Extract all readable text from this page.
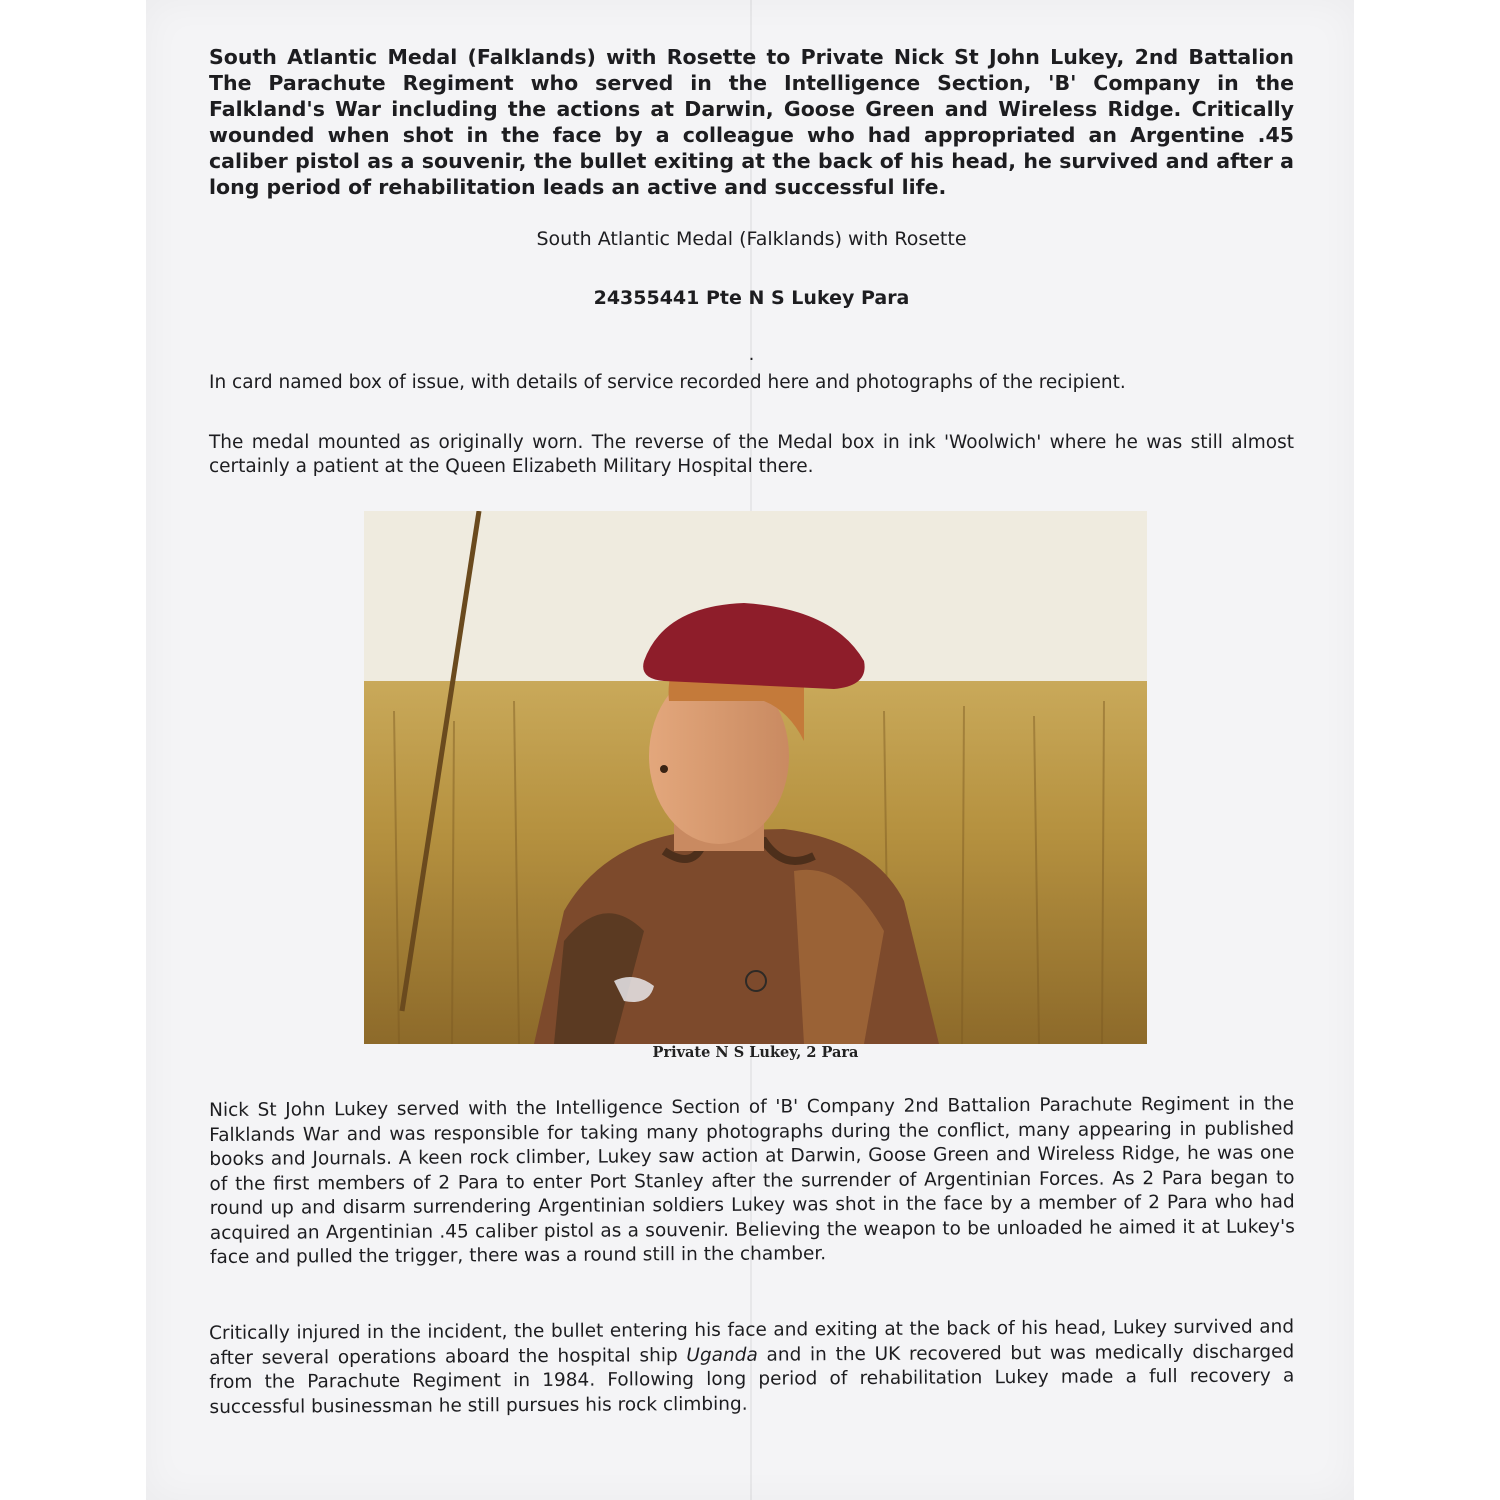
South Atlantic Medal (Falklands) with Rosette to Private Nick St John Lukey, 2nd Battalion The Parachute Regiment who served in the Intelligence Section, 'B' Company in the Falkland's War including the actions at Darwin, Goose Green and Wireless Ridge. Critically wounded when shot in the face by a colleague who had appropriated an Argentine .45 caliber pistol as a souvenir, the bullet exiting at the back of his head, he survived and after a long period of rehabilitation leads an active and successful life.
South Atlantic Medal (Falklands) with Rosette
24355441 Pte N S Lukey Para
.
In card named box of issue, with details of service recorded here and photographs of the recipient.
The medal mounted as originally worn. The reverse of the Medal box in ink 'Woolwich' where he was still almost certainly a patient at the Queen Elizabeth Military Hospital there.
Private N S Lukey, 2 Para
Nick St John Lukey served with the Intelligence Section of 'B' Company 2nd Battalion Parachute Regiment in the Falklands War and was responsible for taking many photographs during the conflict, many appearing in published books and Journals. A keen rock climber, Lukey saw action at Darwin, Goose Green and Wireless Ridge, he was one of the first members of 2 Para to enter Port Stanley after the surrender of Argentinian Forces. As 2 Para began to round up and disarm surrendering Argentinian soldiers Lukey was shot in the face by a member of 2 Para who had acquired an Argentinian .45 caliber pistol as a souvenir. Believing the weapon to be unloaded he aimed it at Lukey's face and pulled the trigger, there was a round still in the chamber.
Critically injured in the incident, the bullet entering his face and exiting at the back of his head, Lukey survived and after several operations aboard the hospital ship Uganda and in the UK recovered but was medically discharged from the Parachute Regiment in 1984. Following long period of rehabilitation Lukey made a full recovery a successful businessman he still pursues his rock climbing.
